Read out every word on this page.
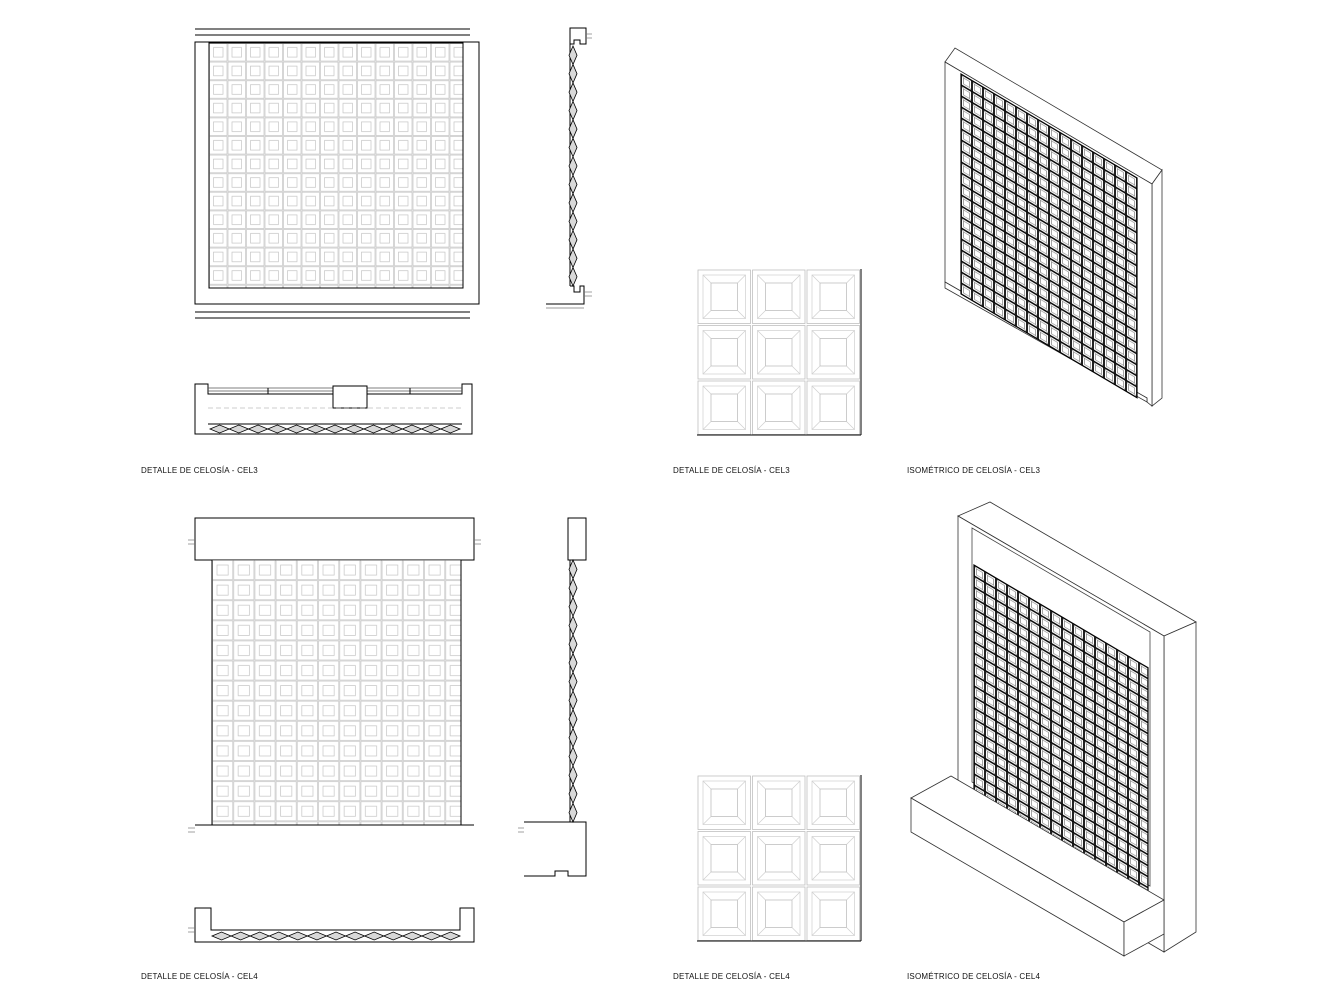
DETALLE DE CELOSÍA - CEL3	DETALLE DE CELOSÍA - CEL3	ISOMÉTRICO DE CELOSÍA - CEL3
DETALLE DE CELOSÍA - CEL4	DETALLE DE CELOSÍA - CEL4	ISOMÉTRICO DE CELOSÍA - CEL4
